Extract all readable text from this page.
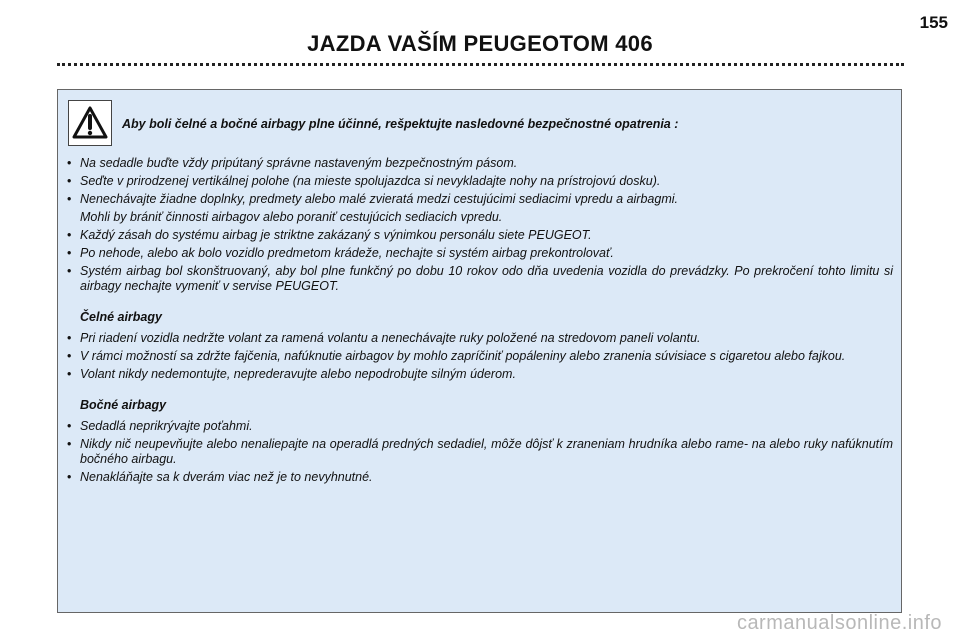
155
JAZDA VAŠÍM PEUGEOTOM 406
Aby boli čelné a bočné airbagy plne účinné, rešpektujte nasledovné bezpečnostné opatrenia :
• Na sedadle buďte vždy pripútaný správne nastaveným bezpečnostným pásom.
• Seďte v prirodzenej vertikálnej polohe (na mieste spolujazdca si nevykladajte nohy na prístrojovú dosku).
• Nenechávajte žiadne doplnky, predmety alebo malé zvieratá medzi cestujúcimi sediacimi vpredu a airbagmi.
Mohli by brániť činnosti airbagov alebo poraniť cestujúcich sediacich vpredu.
• Každý zásah do systému airbag je striktne zakázaný s výnimkou personálu siete PEUGEOT.
• Po nehode, alebo ak bolo vozidlo predmetom krádeže, nechajte si systém airbag prekontrolovať.
• Systém airbag bol skonštruovaný, aby bol plne funkčný po dobu 10 rokov odo dňa uvedenia vozidla do prevádzky. Po prekročení tohto limitu si airbagy nechajte vymeniť v servise PEUGEOT.
Čelné airbagy
• Pri riadení vozidla nedržte volant za ramená volantu a nenechávajte ruky položené na stredovom paneli volantu.
• V rámci možností sa zdržte fajčenia, nafúknutie airbagov by mohlo zapríčiniť popáleniny alebo zranenia súvisiace s cigaretou alebo fajkou.
• Volant nikdy nedemontujte, neprederavujte alebo nepodrobujte silným úderom.
Bočné airbagy
• Sedadlá neprikrývajte poťahmi.
• Nikdy nič neupevňujte alebo nenaliepajte na operadlá predných sedadiel, môže dôjsť k zraneniam hrudníka alebo rame- na alebo ruky nafúknutím bočného airbagu.
• Nenakláňajte sa k dverám viac než je to nevyhnutné.
carmanualsonline.info
